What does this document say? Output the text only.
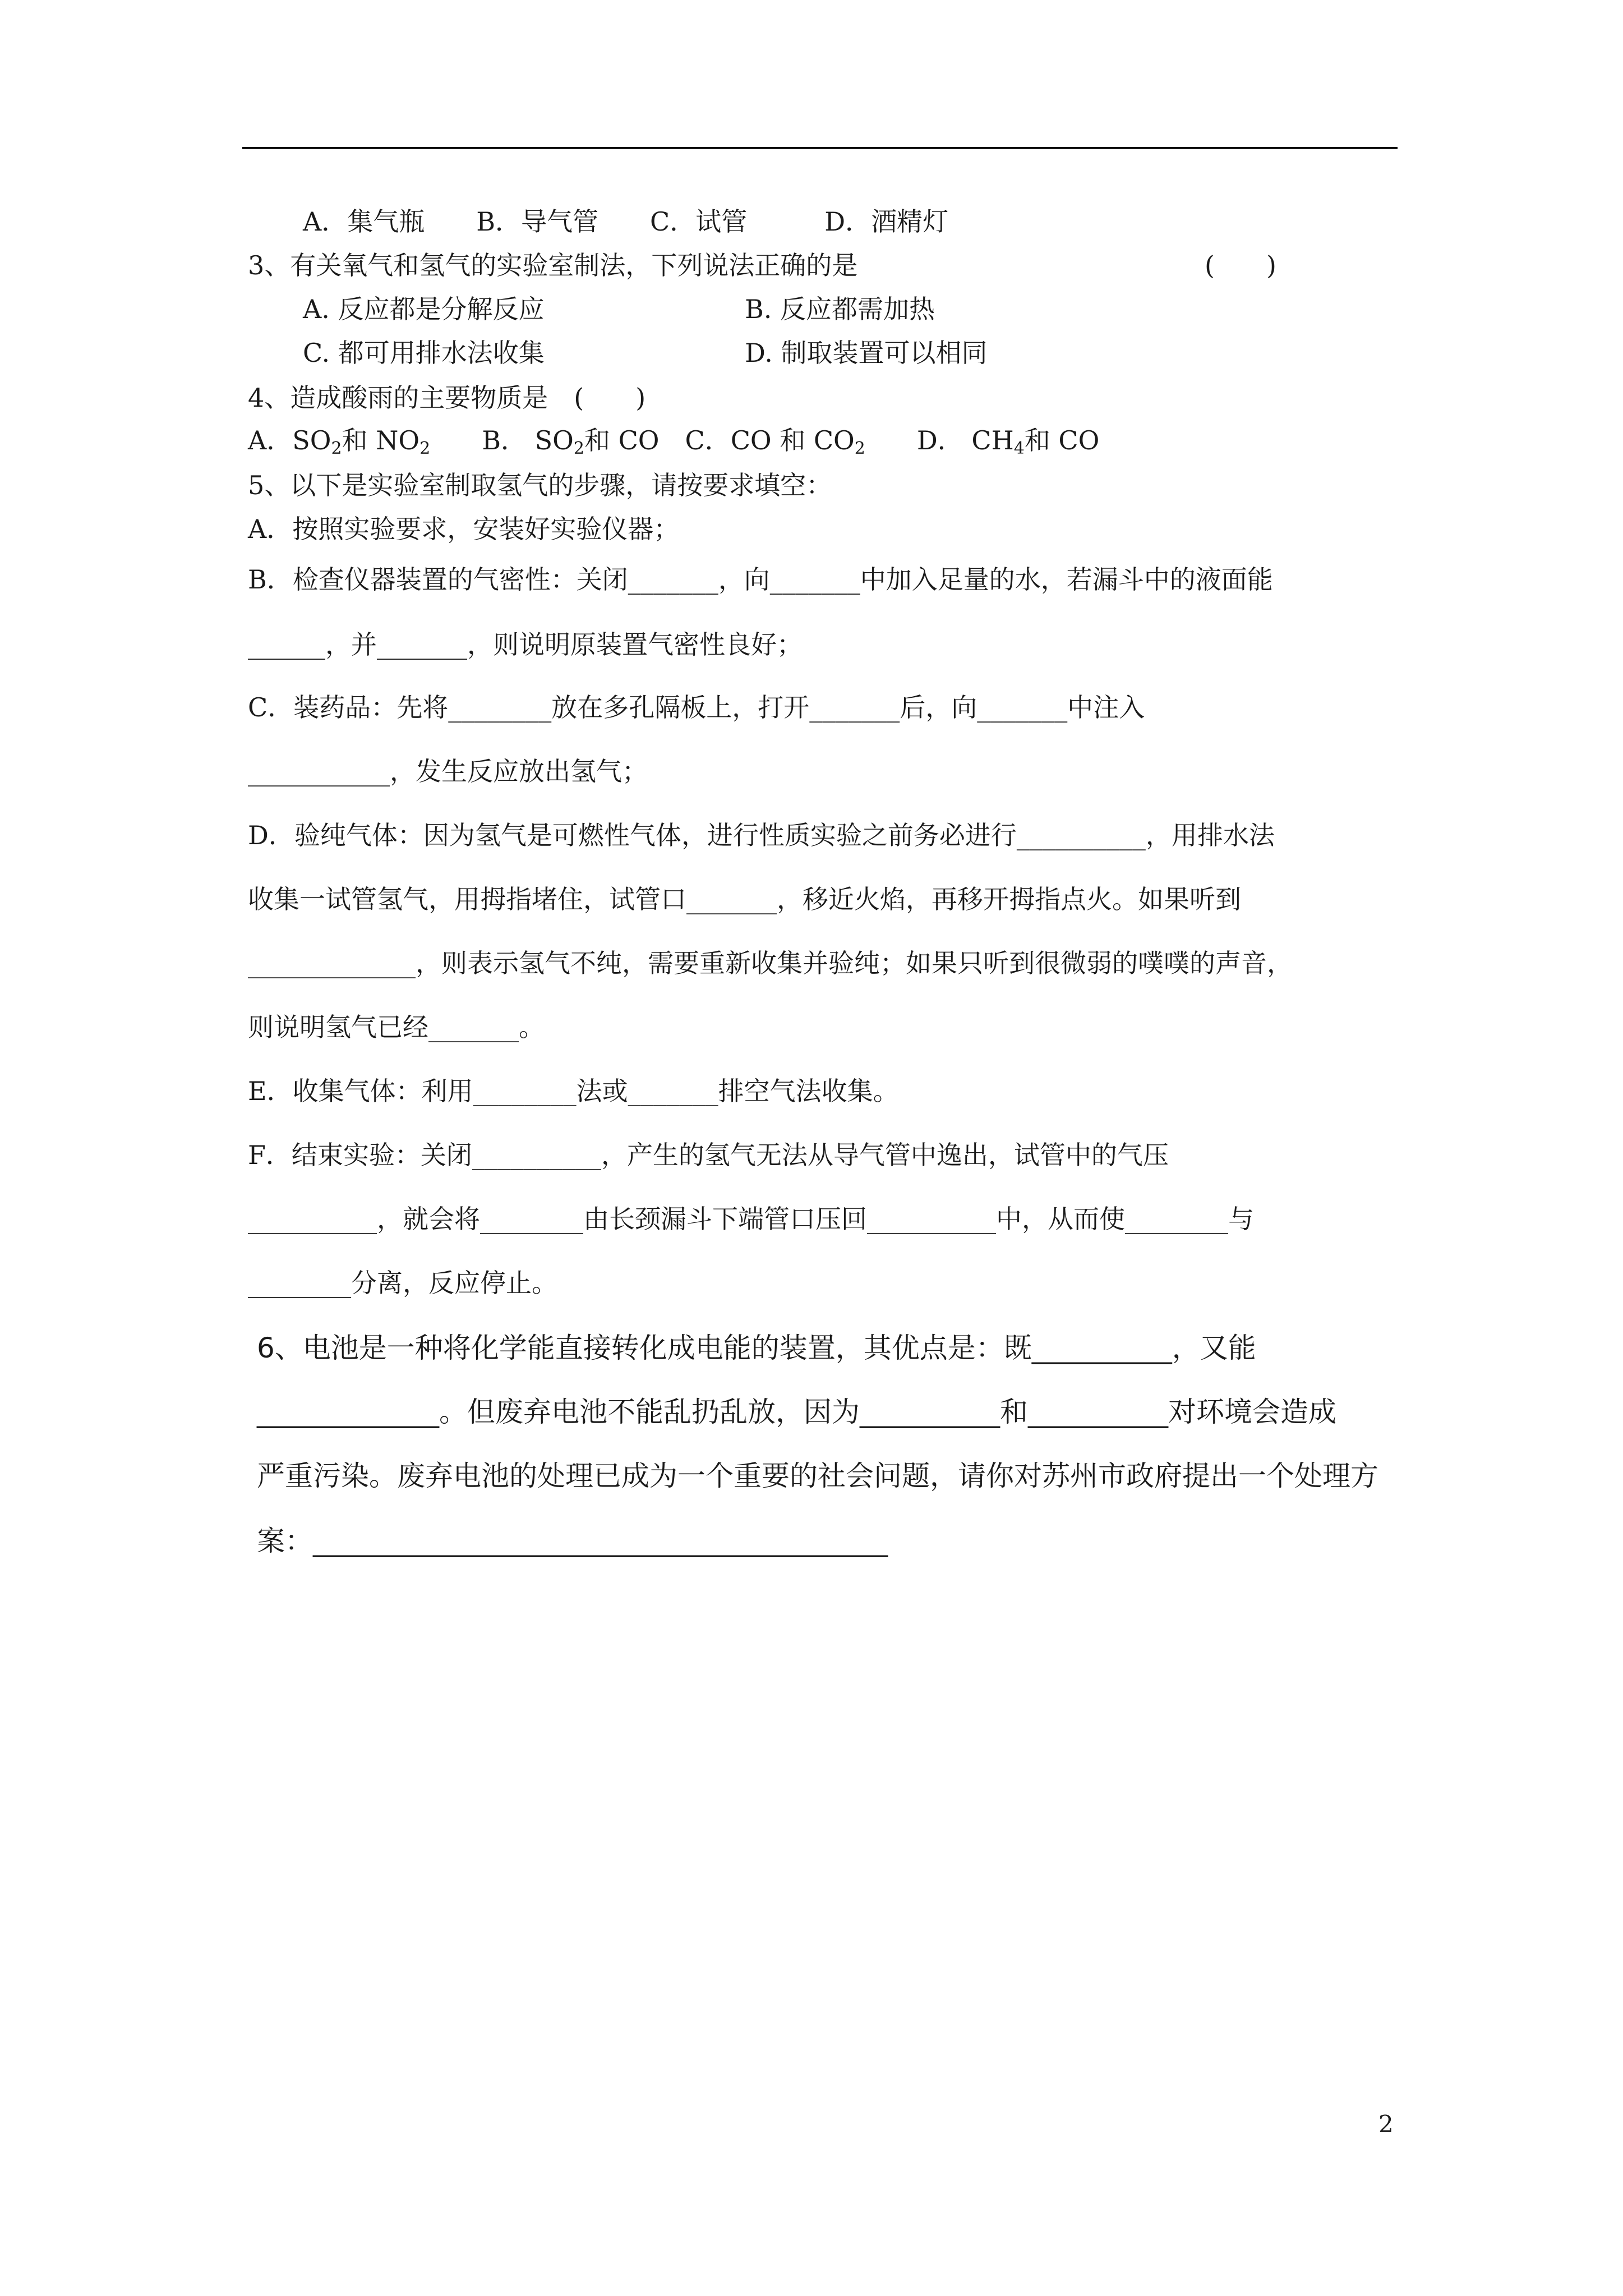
A．集气瓶　　B．导气管　　C．试管　　　D．酒精灯
3、有关氧气和氢气的实验室制法，下列说法正确的是	(　　)
A. 反应都是分解反应	B. 反应都需加热
C. 都可用排水法收集	D. 制取装置可以相同
4、造成酸雨的主要物质是　(　　)
A．$SO_2$和 $NO_2$　　B． $SO_2$和 CO　C．CO 和 $CO_2$　　D． $CH_4$和 CO
5、以下是实验室制取氢气的步骤，请按要求填空：
A．按照实验要求，安装好实验仪器；
B．检查仪器装置的气密性：关闭_______，向_______中加入足量的水，若漏斗中的液面能
______，并_______，则说明原装置气密性良好；
C．装药品：先将________放在多孔隔板上，打开_______后，向_______中注入
___________，发生反应放出氢气；
D．验纯气体：因为氢气是可燃性气体，进行性质实验之前务必进行__________，用排水法
收集一试管氢气，用拇指堵住，试管口_______，移近火焰，再移开拇指点火。如果听到
_____________，则表示氢气不纯，需要重新收集并验纯；如果只听到很微弱的噗噗的声音，
则说明氢气已经_______。
E．收集气体：利用________法或_______排空气法收集。
F．结束实验：关闭__________，产生的氢气无法从导气管中逸出，试管中的气压
__________，就会将________由长颈漏斗下端管口压回__________中，从而使________与
________分离，反应停止。
6、电池是一种将化学能直接转化成电能的装置，其优点是：既__________，又能
_____________。但废弃电池不能乱扔乱放，因为__________和__________对环境会造成
严重污染。废弃电池的处理已成为一个重要的社会问题，请你对苏州市政府提出一个处理方
案：_________________________________________
2
